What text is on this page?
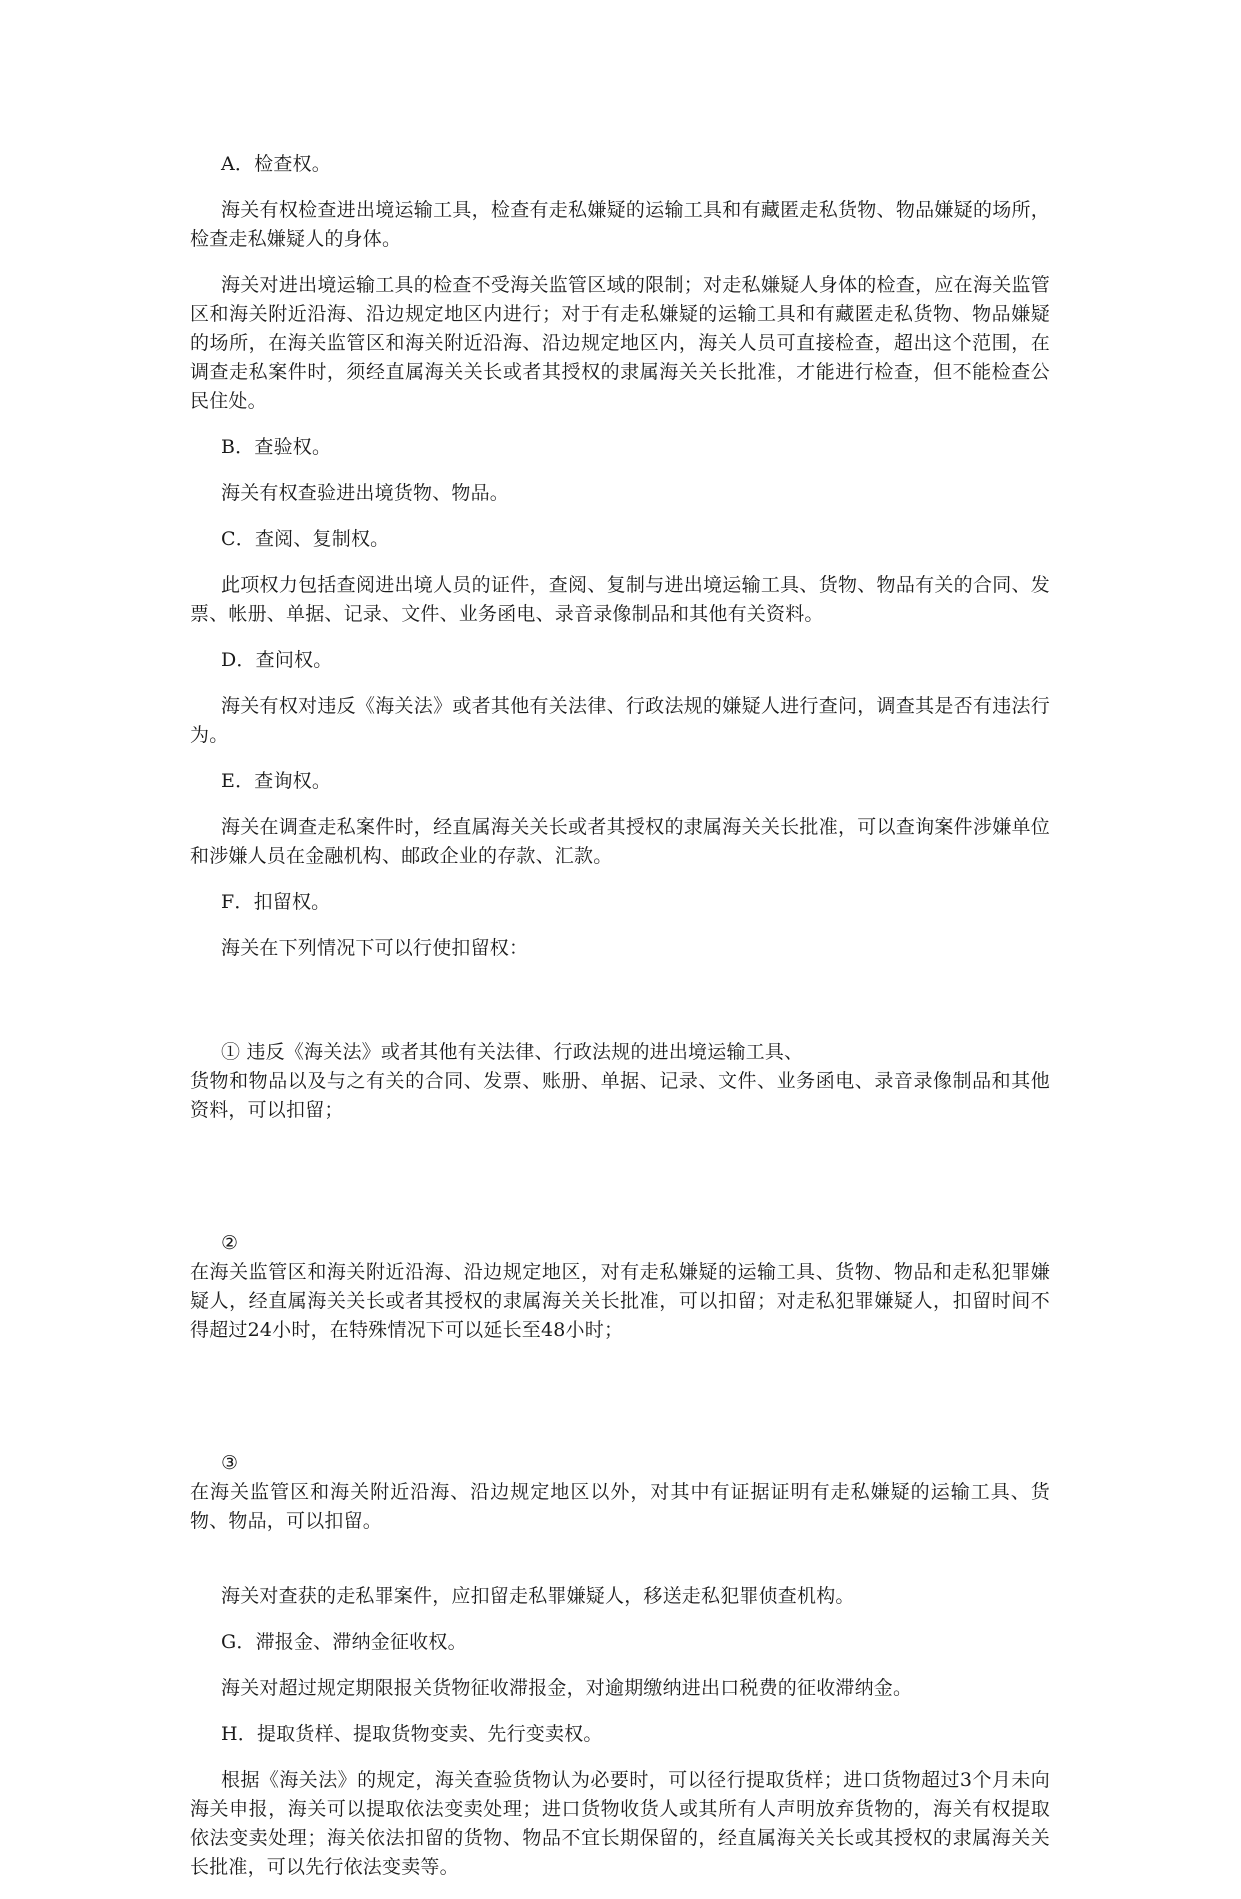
A．检查权。

海关有权检查进出境运输工具，检查有走私嫌疑的运输工具和有藏匿走私货物、物品嫌疑的场所，检查走私嫌疑人的身体。

海关对进出境运输工具的检查不受海关监管区域的限制；对走私嫌疑人身体的检查，应在海关监管区和海关附近沿海、沿边规定地区内进行；对于有走私嫌疑的运输工具和有藏匿走私货物、物品嫌疑的场所，在海关监管区和海关附近沿海、沿边规定地区内，海关人员可直接检查，超出这个范围，在调查走私案件时，须经直属海关关长或者其授权的隶属海关关长批准，才能进行检查，但不能检查公民住处。

B．查验权。

海关有权查验进出境货物、物品。

C．查阅、复制权。

此项权力包括查阅进出境人员的证件，查阅、复制与进出境运输工具、货物、物品有关的合同、发票、帐册、单据、记录、文件、业务函电、录音录像制品和其他有关资料。

D．查问权。

海关有权对违反《海关法》或者其他有关法律、行政法规的嫌疑人进行查问，调查其是否有违法行为。

E．查询权。

海关在调查走私案件时，经直属海关关长或者其授权的隶属海关关长批准，可以查询案件涉嫌单位和涉嫌人员在金融机构、邮政企业的存款、汇款。

F．扣留权。

海关在下列情况下可以行使扣留权：

① 违反《海关法》或者其他有关法律、行政法规的进出境运输工具、
货物和物品以及与之有关的合同、发票、账册、单据、记录、文件、业务函电、录音录像制品和其他资料，可以扣留；

②
在海关监管区和海关附近沿海、沿边规定地区，对有走私嫌疑的运输工具、货物、物品和走私犯罪嫌疑人，经直属海关关长或者其授权的隶属海关关长批准，可以扣留；对走私犯罪嫌疑人，扣留时间不得超过24小时，在特殊情况下可以延长至48小时；

③
在海关监管区和海关附近沿海、沿边规定地区以外，对其中有证据证明有走私嫌疑的运输工具、货物、物品，可以扣留。

海关对查获的走私罪案件，应扣留走私罪嫌疑人，移送走私犯罪侦查机构。

G．滞报金、滞纳金征收权。

海关对超过规定期限报关货物征收滞报金，对逾期缴纳进出口税费的征收滞纳金。

H．提取货样、提取货物变卖、先行变卖权。

根据《海关法》的规定，海关查验货物认为必要时，可以径行提取货样；进口货物超过3个月未向海关申报，海关可以提取依法变卖处理；进口货物收货人或其所有人声明放弃货物的，海关有权提取依法变卖处理；海关依法扣留的货物、物品不宜长期保留的，经直属海关关长或其授权的隶属海关关长批准，可以先行依法变卖等。
